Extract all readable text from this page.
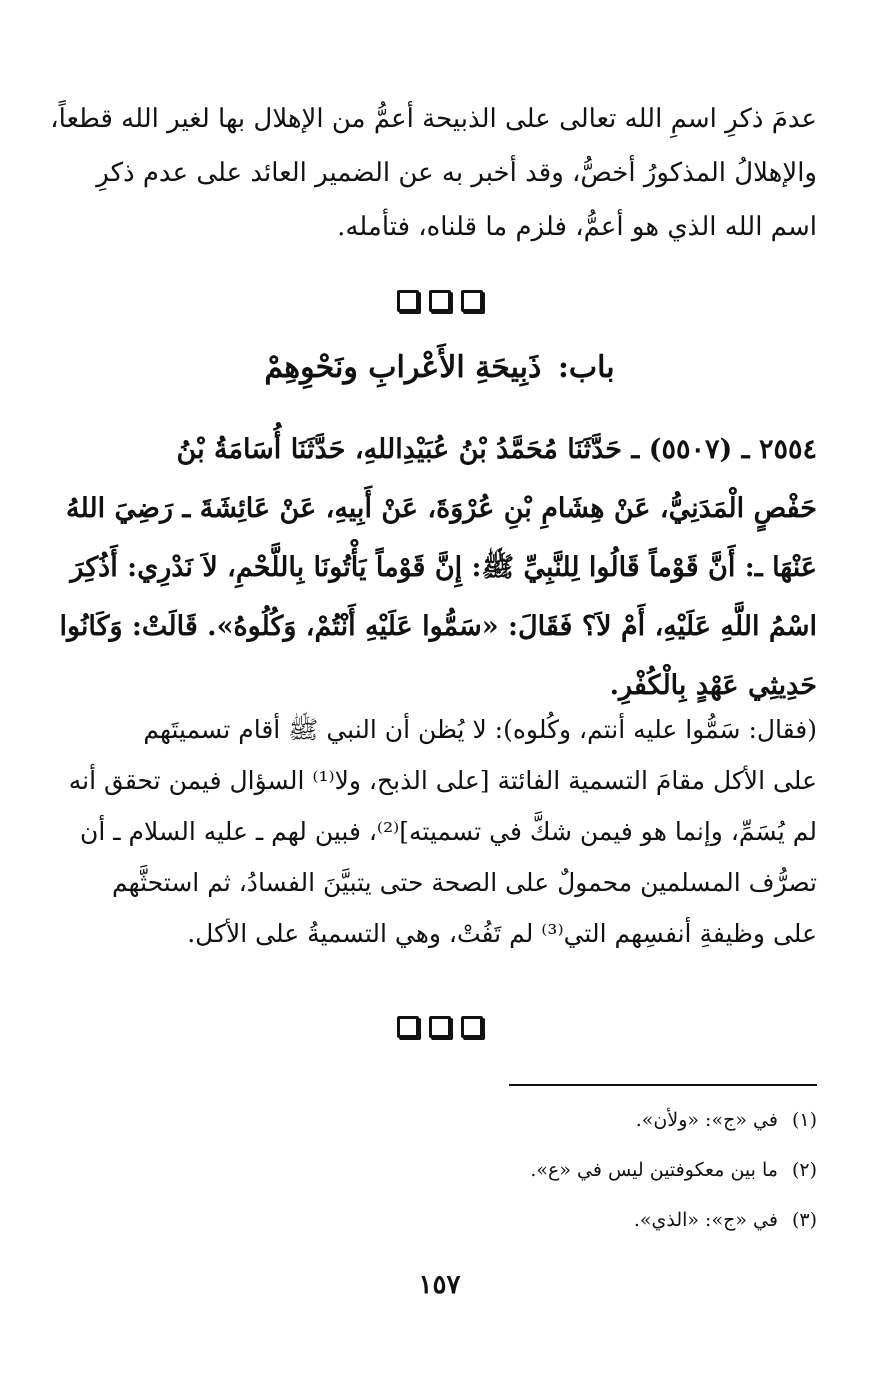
عدمَ ذكرِ اسمِ الله تعالى على الذبيحة أعمُّ من الإهلال بها لغير الله قطعاً،
والإهلالُ المذكورُ أخصُّ، وقد أخبر به عن الضمير العائد على عدم ذكرِ
اسم الله الذي هو أعمُّ، فلزم ما قلناه، فتأمله.
باب: ذَبِيحَةِ الأَعْرابِ ونَحْوِهِمْ
٢٥٥٤ ـ (٥٥٠٧) ـ حَدَّثَنَا مُحَمَّدُ بْنُ عُبَيْدِاللهِ، حَدَّثَنَا أُسَامَةُ بْنُ
حَفْصٍ الْمَدَنِيُّ، عَنْ هِشَامِ بْنِ عُرْوَةَ، عَنْ أَبِيهِ، عَنْ عَائِشَةَ ـ رَضِيَ اللهُ
عَنْهَا ـ: أَنَّ قَوْماً قَالُوا لِلنَّبِيِّ ﷺ: إِنَّ قَوْماً يَأْتُونَا بِاللَّحْمِ، لاَ نَدْرِي: أَذُكِرَ
اسْمُ اللَّهِ عَلَيْهِ، أَمْ لاَ؟ فَقَالَ: «سَمُّوا عَلَيْهِ أَنْتُمْ، وَكُلُوهُ». قَالَتْ: وَكَانُوا
حَدِيثِي عَهْدٍ بِالْكُفْرِ.
(فقال: سَمُّوا عليه أنتم، وكُلوه): لا يُظن أن النبي ﷺ أقام تسميتَهم
على الأكل مقامَ التسمية الفائتة [على الذبح، ولا⁽¹⁾ السؤال فيمن تحقق أنه
لم يُسَمِّ، وإنما هو فيمن شكَّ في تسميته]⁽²⁾، فبين لهم ـ عليه السلام ـ أن
تصرُّف المسلمين محمولٌ على الصحة حتى يتبيَّنَ الفسادُ، ثم استحثَّهم
على وظيفةِ أنفسِهم التي⁽³⁾ لم تَفُتْ، وهي التسميةُ على الأكل.
(١)في «ج»: «ولأن».
(٢)ما بين معكوفتين ليس في «ع».
(٣)في «ج»: «الذي».
١٥٧
